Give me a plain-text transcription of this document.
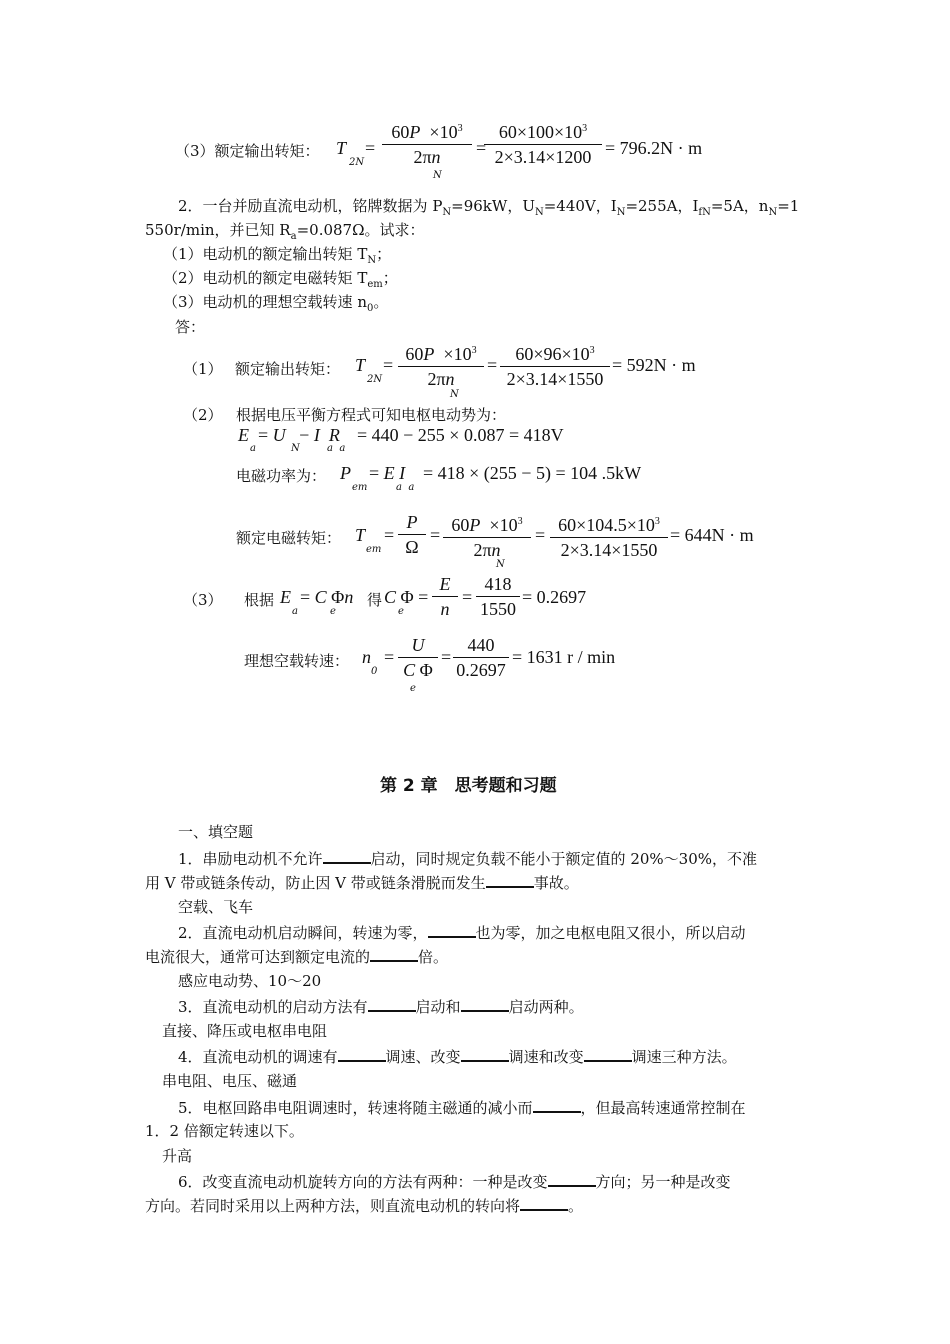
（3）额定输出转矩： T
2N
=
$60P \times 10^3$
2πn
N
=
$60\times 100\times 10^3$
2×3.14×1200 = 796.2N · m
2．一台并励直流电动机，铭牌数据为 $P_N=96kW$，$U_N=440V$，$I_N=255A$，$I_{fN}=5A$，$n_N=1$
550r/min，并已知 $R_a=0.087\Omega$。试求：
（1）电动机的额定输出转矩 $T_N$；
（2）电动机的额定电磁转矩 $T_{em}$；
（3）电动机的理想空载转速 $n_0$。
答：
（1） 额定输出转矩： T
2N
=
$60P \times 10^3$
2πn
N
=
$60\times 96\times 10^3$
2×3.14×1550
= 592N · m
（2） 根据电压平衡方程式可知电枢电动势为：
E  = U   − I R
a	N	a  a
= 440 − 255 × 0.087 = 418V
电磁功率为： P    = E I
em	a  a
= 418 × (255 − 5) = 104 .5kW
额定电磁转矩： T
em
=
P
Ω
= $60P \times 10^3$
2πn
N
= $60\times 104.5\times 10^3$
2×3.14×1550
= 644N · m
（3） 根据 E  = C Φn 得 C Φ =
a	e	e
E
n
=
418
1550
= 0.2697
理想空载转速： n
0
=
U
C Φ
e
=
440
0.2697
= 1631 r / min
第 2 章　思考题和习题
一、填空题
1．串励电动机不允许	启动，同时规定负载不能小于额定值的 20%～30%，不准
用 V 带或链条传动，防止因 V 带或链条滑脱而发生	事故。
空载、飞车
2．直流电动机启动瞬间，转速为零，	也为零，加之电枢电阻又很小，所以启动
电流很大，通常可达到额定电流的	倍。
感应电动势、10～20
3．直流电动机的启动方法有	启动和	启动两种。
直接、降压或电枢串电阻
4．直流电动机的调速有	调速、改变	调速和改变	调速三种方法。
串电阻、电压、磁通
5．电枢回路串电阻调速时，转速将随主磁通的减小而	，但最高转速通常控制在
1．2 倍额定转速以下。
升高
6．改变直流电动机旋转方向的方法有两种：一种是改变	方向；另一种是改变
方向。若同时采用以上两种方法，则直流电动机的转向将	。
